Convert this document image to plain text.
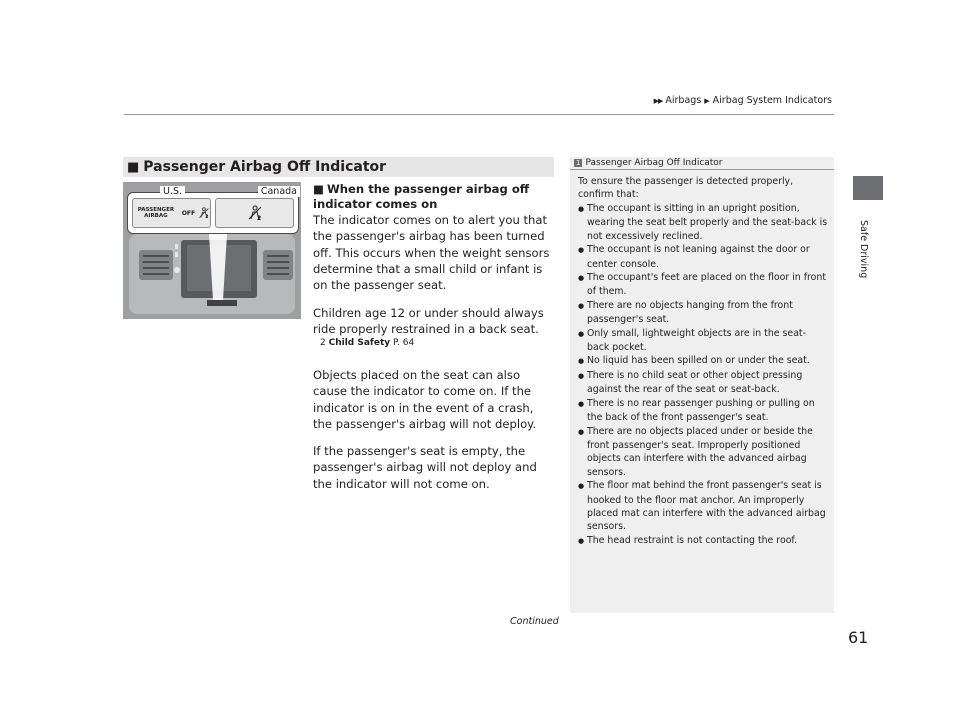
▶▶ Airbags ▶ Airbag System Indicators
Safe Driving
■ Passenger Airbag Off Indicator
PASSENGER AIRBAG	OFF
2	2
U.S.	Canada ■ When the passenger airbag off indicator comes on

The indicator comes on to alert you that the passenger's airbag has been turned off. This occurs when the weight sensors determine that a small child or infant is on the passenger seat.

Children age 12 or under should always ride properly restrained in a back seat.

2 Child Safety P. 64

Objects placed on the seat can also cause the indicator to come on. If the indicator is on in the event of a crash, the passenger's airbag will not deploy.

If the passenger's seat is empty, the passenger's airbag will not deploy and the indicator will not come on.

1 Passenger Airbag Off Indicator

To ensure the passenger is detected properly, confirm that:

● The occupant is sitting in an upright position, wearing the seat belt properly and the seat-back is not excessively reclined.
● The occupant is not leaning against the door or center console.
● The occupant's feet are placed on the floor in front of them.
● There are no objects hanging from the front passenger's seat.
● Only small, lightweight objects are in the seat-back pocket.
● No liquid has been spilled on or under the seat.
● There is no child seat or other object pressing against the rear of the seat or seat-back.
● There is no rear passenger pushing or pulling on the back of the front passenger's seat.
● There are no objects placed under or beside the front passenger's seat. Improperly positioned objects can interfere with the advanced airbag sensors.
● The floor mat behind the front passenger's seat is hooked to the floor mat anchor. An improperly placed mat can interfere with the advanced airbag sensors.
● The head restraint is not contacting the roof.
Continued
61
